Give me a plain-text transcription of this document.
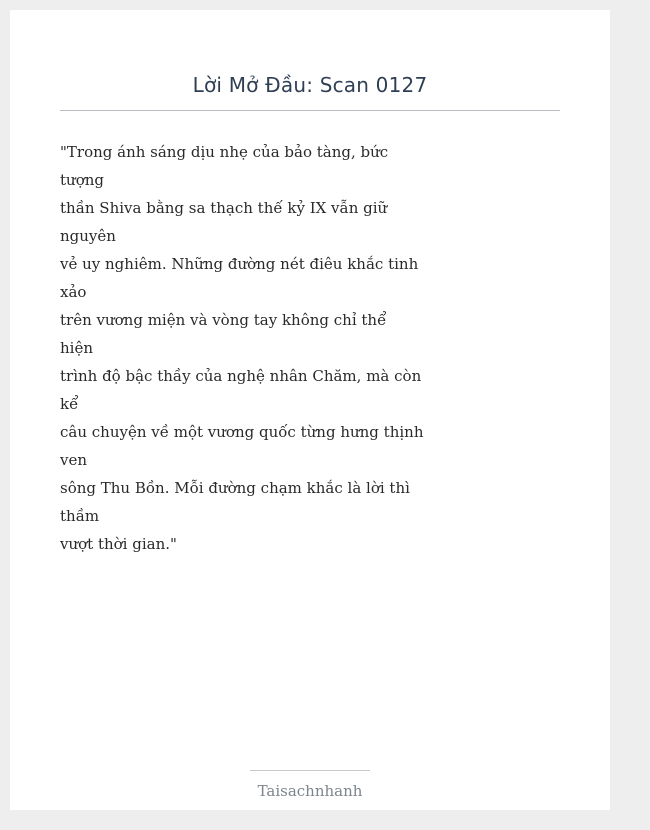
Lời Mở Đầu: Scan 0127
"Trong ánh sáng dịu nhẹ của bảo tàng, bức
tượng
thần Shiva bằng sa thạch thế kỷ IX vẫn giữ
nguyên
vẻ uy nghiêm. Những đường nét điêu khắc tinh
xảo
trên vương miện và vòng tay không chỉ thể
hiện
trình độ bậc thầy của nghệ nhân Chăm, mà còn
kể
câu chuyện về một vương quốc từng hưng thịnh
ven
sông Thu Bồn. Mỗi đường chạm khắc là lời thì
thầm
vượt thời gian."
Taisachnhanh
